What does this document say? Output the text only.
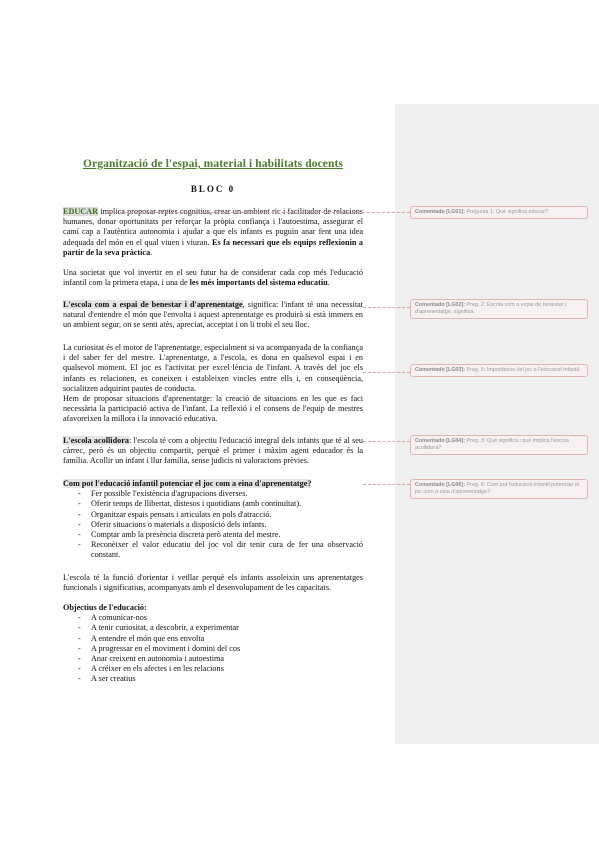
Organització de l'espai, material i habilitats docents
BLOC 0
EDUCAR implica proposar reptes cognitius, crear un ambient ric i facilitador de relacions humanes, donar oportunitats per reforçar la pròpia confiança i l'autoestima, assegurar el camí cap a l'autèntica autonomia i ajudar a que els infants es puguin anar fent una idea adequada del món en el qual viuen i viuran. Es fa necessari que els equips reflexionin a partir de la seva pràctica.
Una societat que vol invertir en el seu futur ha de considerar cada cop més l'educació infantil com la primera etapa, i una de les més importants del sistema educatiu.
L'escola com a espai de benestar i d'aprenentatge, significa: l'infant té una necessitat natural d'entendre el món que l'envolta i aquest aprenentatge es produirà si està immers en un ambient segur, on se senti atès, apreciat, acceptat i on li trobi el seu lloc.
La curiositat és el motor de l'aprenentatge, especialment si va acompanyada de la confiança i del saber fer del mestre. L'aprenentatge, a l'escola, es dona en qualsevol espai i en qualsevol moment. El joc es l'activitat per excel·lència de l'infant. A través del joc els infants es relacionen, es coneixen i estableixen vincles entre ells i, en conseqüència, socialitzen adquirint pautes de conducta.
Hem de proposar situacions d'aprenentatge: la creació de situacions en les que es faci necessària la participació activa de l'infant. La reflexió i el consens de l'equip de mestres afavoreixen la millora i la innovació educativa.
L'escola acollidora: l'escola té com a objectiu l'educació integral dels infants que té al seu càrrec, però és un objectiu compartit, perquè el primer i màxim agent educador és la família. Acollir un infant i llur família, sense judicis ni valoracions prèvies.
Com pot l'educació infantil potenciar el joc com a eina d'aprenentatge?
- Fer possible l'existència d'agrupacions diverses.
- Oferir temps de llibertat, distesos i quotidians (amb continuïtat).
- Organitzar espais pensats i articulats en pols d'atracció.
- Oferir situacions o materials a disposició dels infants.
- Comptar amb la presència discreta però atenta del mestre.
- Reconèixer el valor educatiu del joc vol dir tenir cura de fer una observació constant.
L'escola té la funció d'orientar i vetllar perquè els infants assoleixin uns aprenentatges funcionals i significatius, acompanyats amb el desenvolupament de les capacitats.
Objectius de l'educació:
- A comunicar-nos
- A tenir curiositat, a descobrir, a experimentar
- A entendre el món que ens envolta
- A progressar en el moviment i domini del cos
- Anar creixent en autonomia i autoestima
- A créixer en els afectes i en les relacions
- A ser creatius
Comentado [LG01]: Pregunta 1: Què significa educar?
Comentado [LG02]: Preg. 2: Escola com a espai de benestar i d'aprenentatge, significa.
Comentado [LG03]: Preg. 5: Importància del joc a l'educació infantil.
Comentado [LG04]: Preg. 3: Què significa i què implica l'escola acollidora?
Comentado [LG06]: Preg. 6: Com pot l'educació infantil potenciar el joc com a eina d'aprenentatge?
